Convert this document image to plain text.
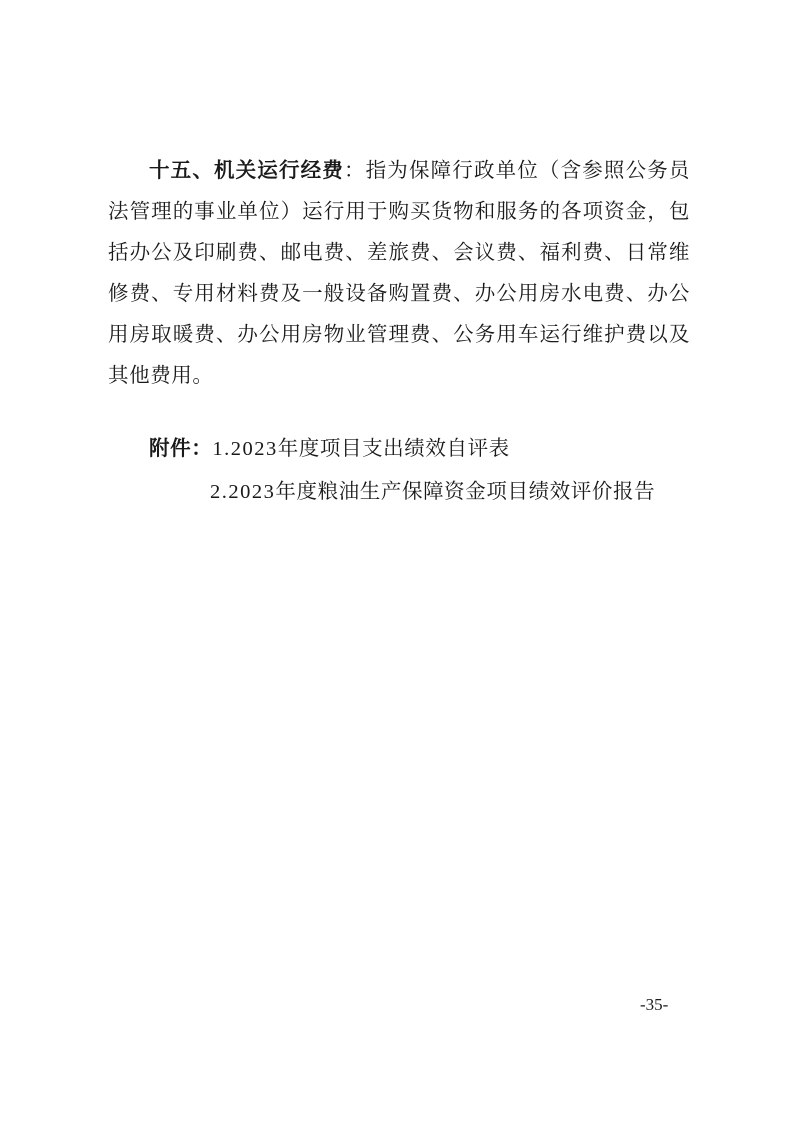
十五、机关运行经费：指为保障行政单位（含参照公务员法管理的事业单位）运行用于购买货物和服务的各项资金，包括办公及印刷费、邮电费、差旅费、会议费、福利费、日常维修费、专用材料费及一般设备购置费、办公用房水电费、办公用房取暖费、办公用房物业管理费、公务用车运行维护费以及其他费用。

附件：1.2023年度项目支出绩效自评表

2.2023年度粮油生产保障资金项目绩效评价报告

-35-
